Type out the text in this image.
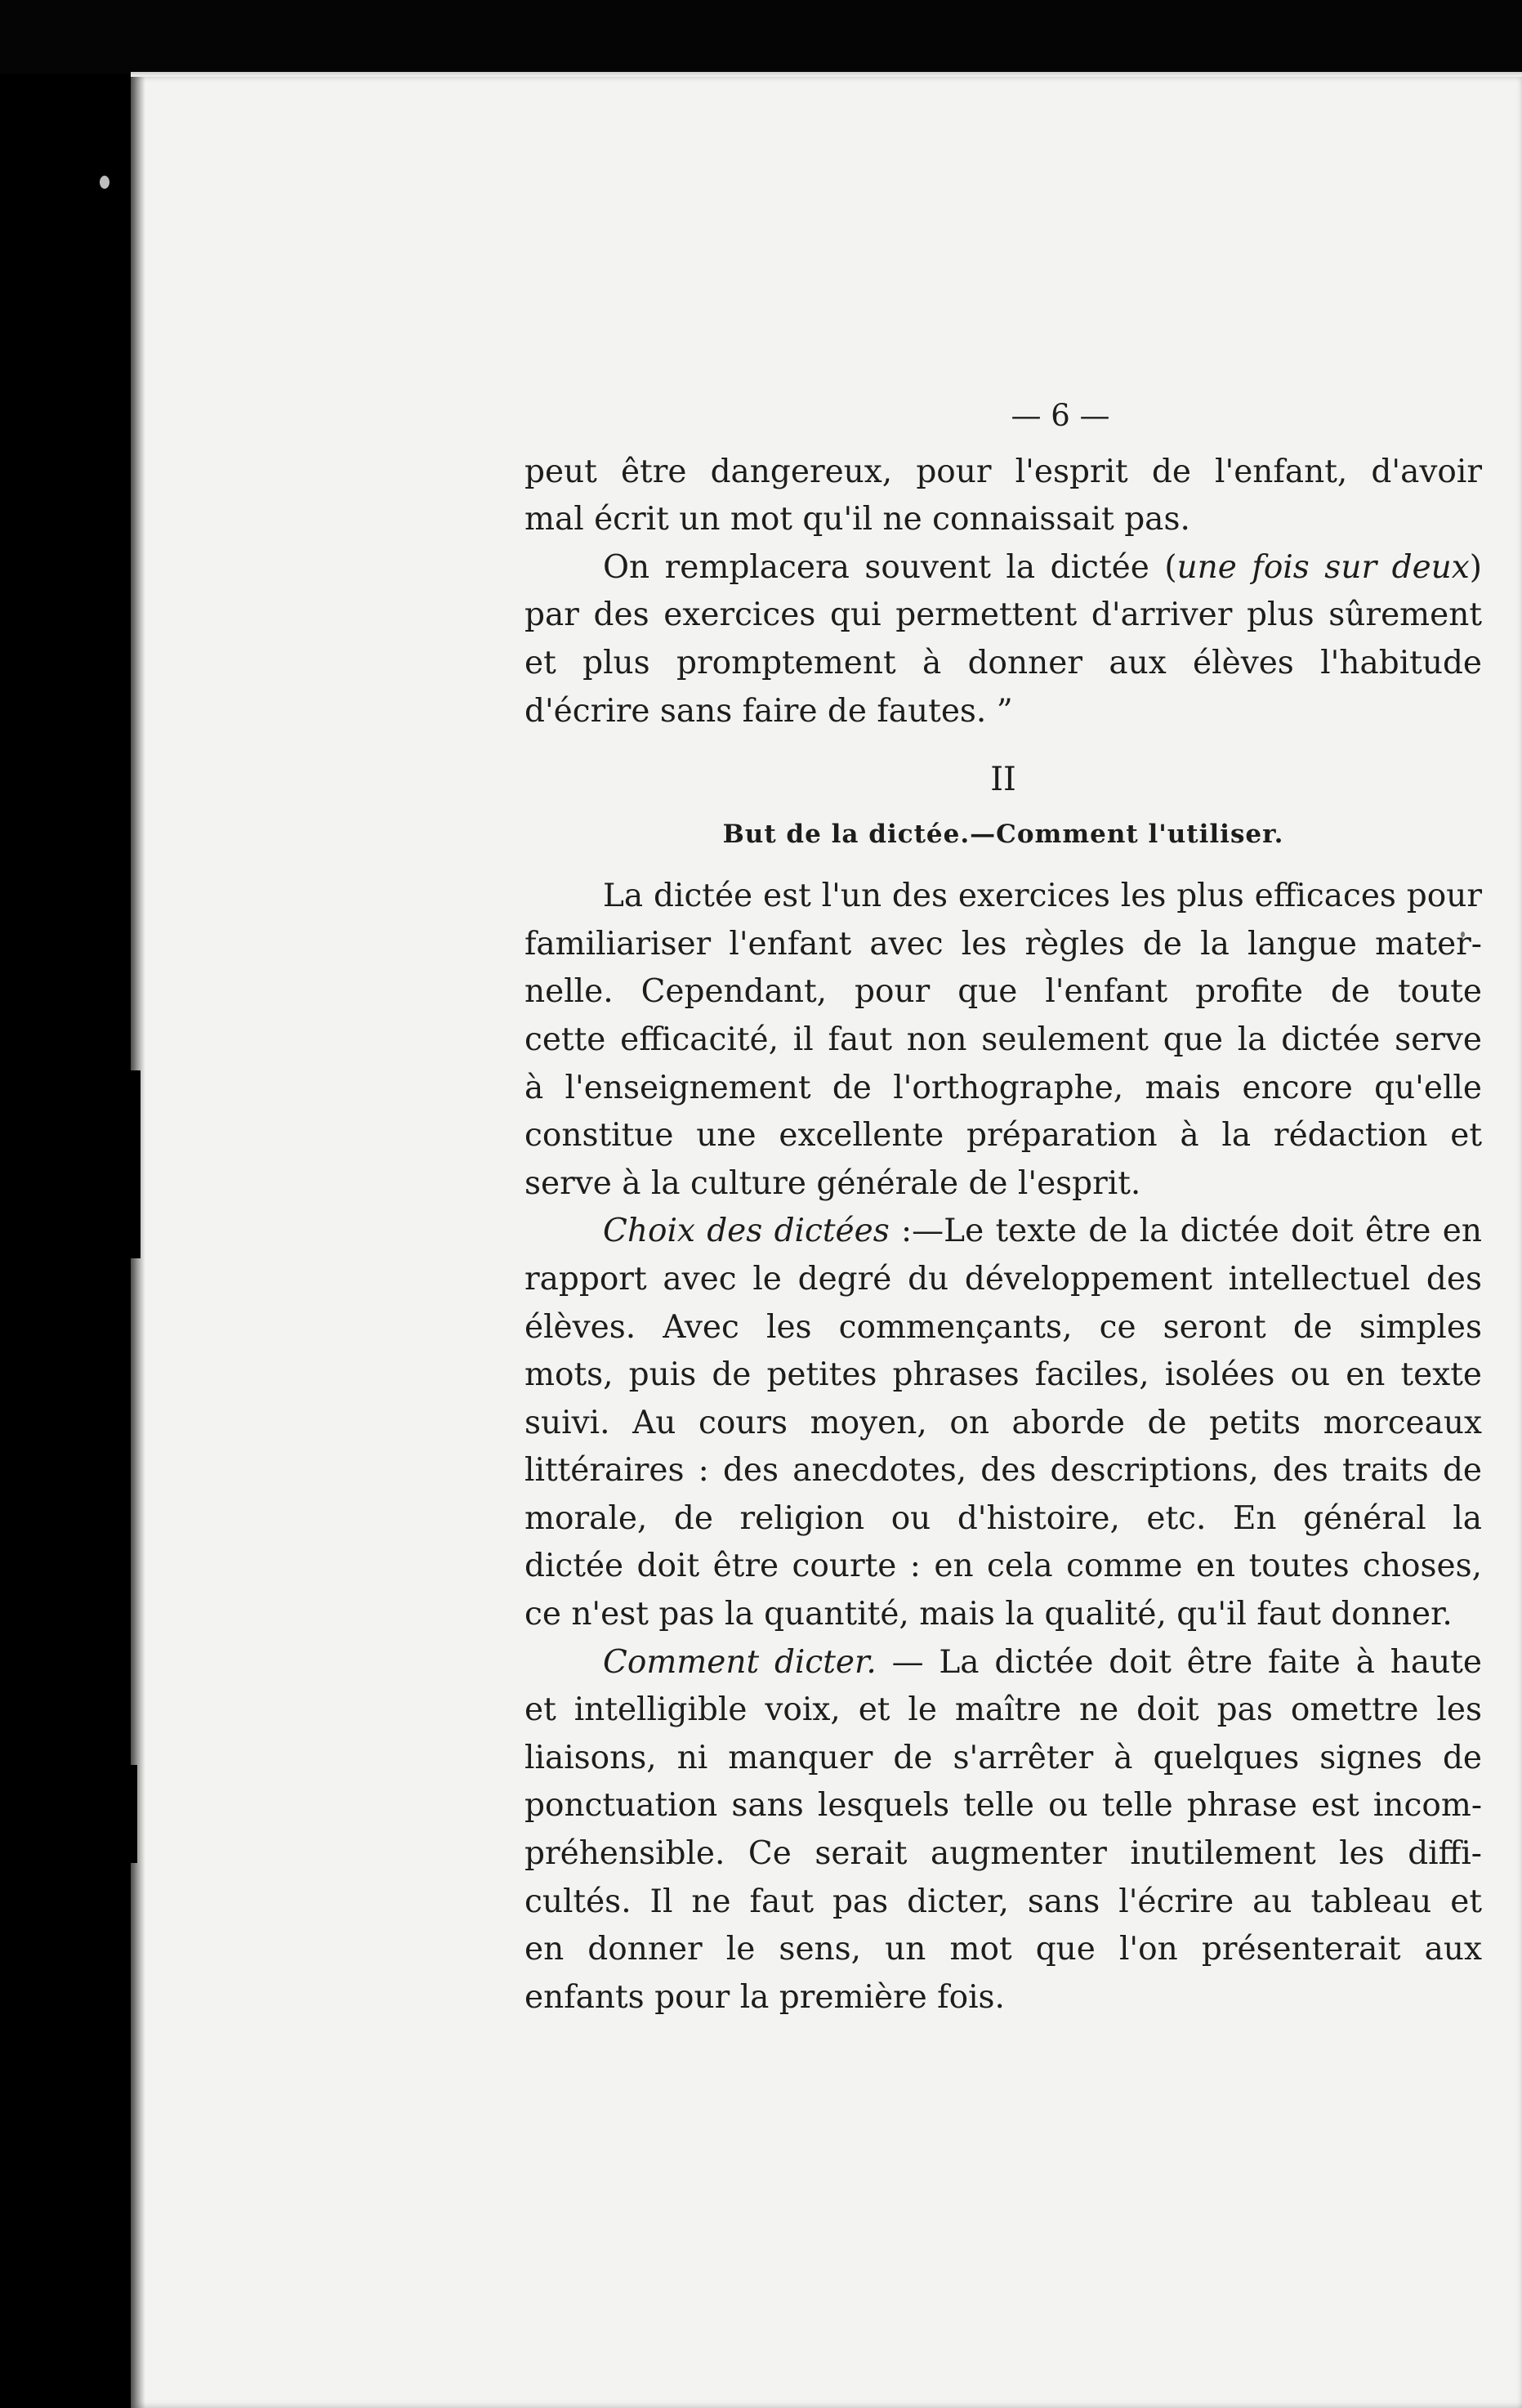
— 6 —
peut être dangereux, pour l'esprit de l'enfant, d'avoir
mal écrit un mot qu'il ne connaissait pas.
On remplacera souvent la dictée (une fois sur deux)
par des exercices qui permettent d'arriver plus sûrement
et plus promptement à donner aux élèves l'habitude
d'écrire sans faire de fautes. ”
II
But de la dictée.—Comment l'utiliser.
La dictée est l'un des exercices les plus efficaces pour
familiariser l'enfant avec les règles de la langue mater-
nelle. Cependant, pour que l'enfant profite de toute
cette efficacité, il faut non seulement que la dictée serve
à l'enseignement de l'orthographe, mais encore qu'elle
constitue une excellente préparation à la rédaction et
serve à la culture générale de l'esprit.
Choix des dictées :—Le texte de la dictée doit être en
rapport avec le degré du développement intellectuel des
élèves. Avec les commençants, ce seront de simples
mots, puis de petites phrases faciles, isolées ou en texte
suivi. Au cours moyen, on aborde de petits morceaux
littéraires : des anecdotes, des descriptions, des traits de
morale, de religion ou d'histoire, etc. En général la
dictée doit être courte : en cela comme en toutes choses,
ce n'est pas la quantité, mais la qualité, qu'il faut donner.
Comment dicter. — La dictée doit être faite à haute
et intelligible voix, et le maître ne doit pas omettre les
liaisons, ni manquer de s'arrêter à quelques signes de
ponctuation sans lesquels telle ou telle phrase est incom-
préhensible. Ce serait augmenter inutilement les diffi-
cultés. Il ne faut pas dicter, sans l'écrire au tableau et
en donner le sens, un mot que l'on présenterait aux
enfants pour la première fois.
